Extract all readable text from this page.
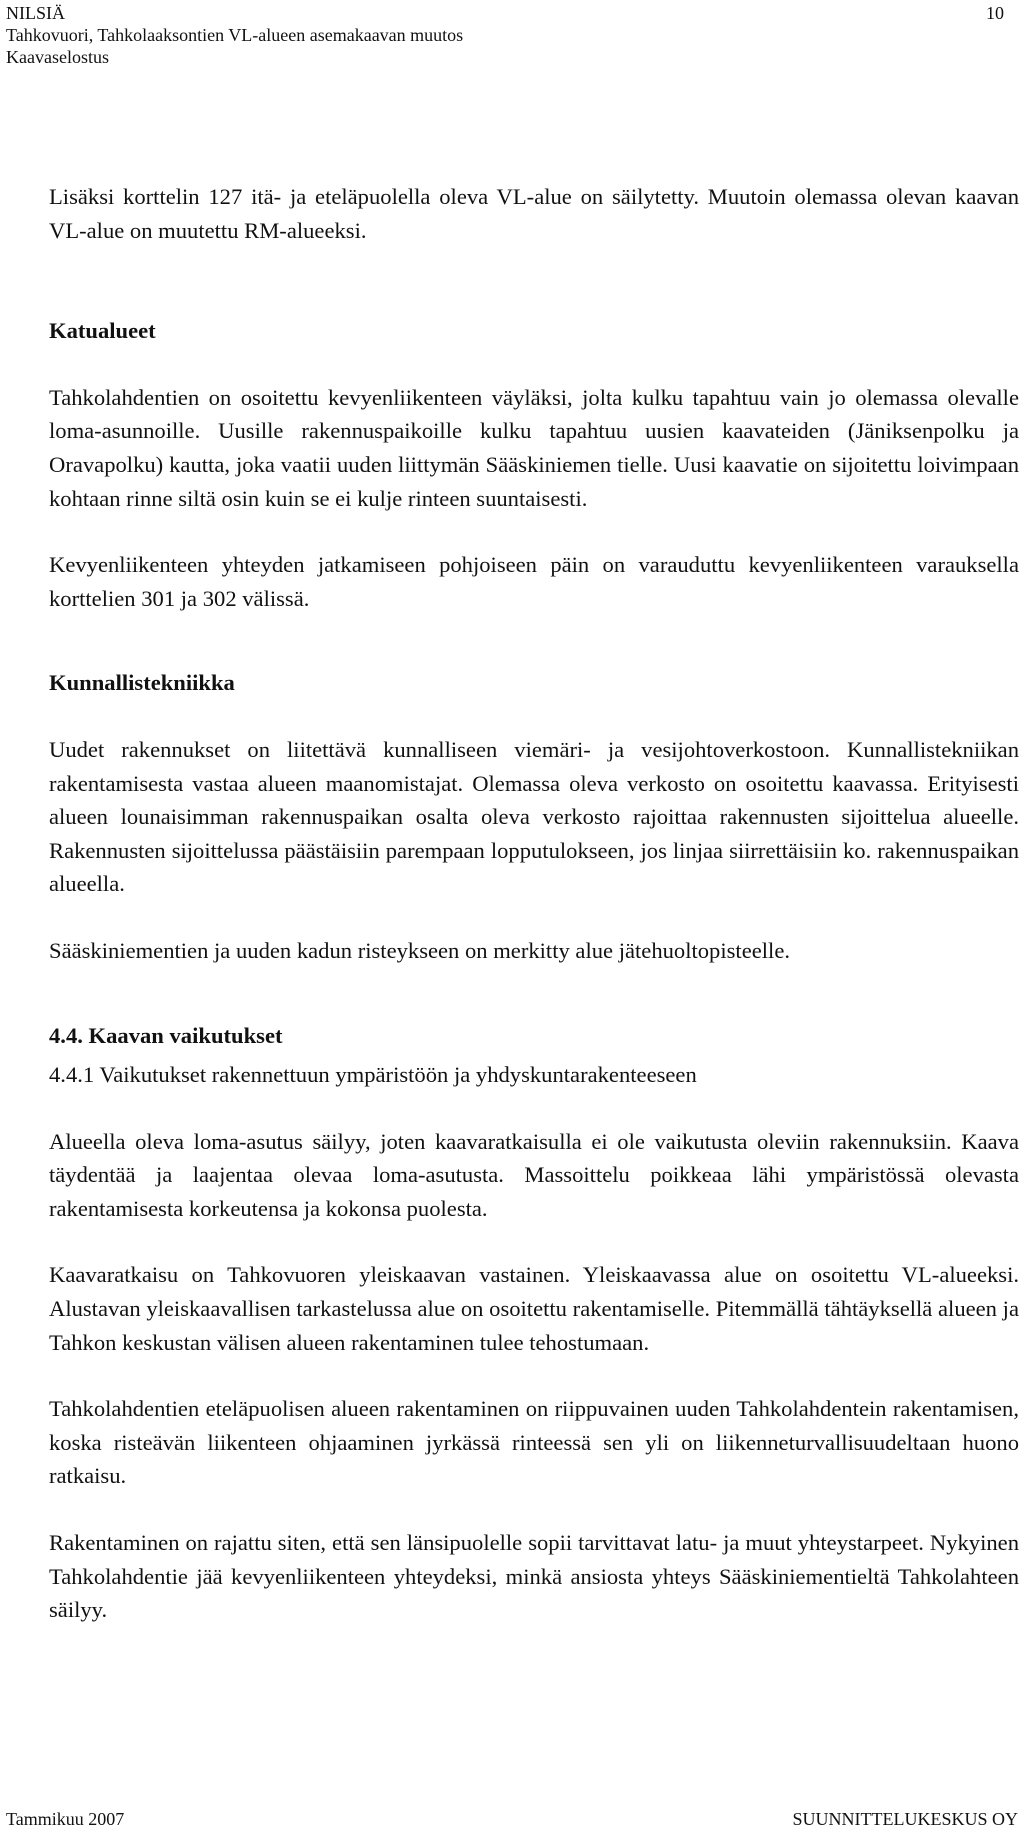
NILSIÄ
Tahkovuori, Tahkolaaksontien VL-alueen asemakaavan muutos
Kaavaselostus
10

Lisäksi korttelin 127 itä- ja eteläpuolella oleva VL-alue on säilytetty. Muutoin olemassa olevan kaavan VL-alue on muutettu RM-alueeksi.

Katualueet

Tahkolahdentien on osoitettu kevyenliikenteen väyläksi, jolta kulku tapahtuu vain jo olemassa olevalle loma-asunnoille. Uusille rakennuspaikoille kulku tapahtuu uusien kaavateiden (Jäniksenpolku ja Oravapolku) kautta, joka vaatii uuden liittymän Sääskiniemen tielle. Uusi kaavatie on sijoitettu loivimpaan kohtaan rinne siltä osin kuin se ei kulje rinteen suuntaisesti.

Kevyenliikenteen yhteyden jatkamiseen pohjoiseen päin on varauduttu kevyenliikenteen varauksella korttelien 301 ja 302 välissä.

Kunnallistekniikka

Uudet rakennukset on liitettävä kunnalliseen viemäri- ja vesijohtoverkostoon. Kunnallistekniikan rakentamisesta vastaa alueen maanomistajat. Olemassa oleva verkosto on osoitettu kaavassa. Erityisesti alueen lounaisimman rakennuspaikan osalta oleva verkosto rajoittaa rakennusten sijoittelua alueelle. Rakennusten sijoittelussa päästäisiin parempaan lopputulokseen, jos linjaa siirrettäisiin ko. rakennuspaikan alueella.

Sääskiniementien ja uuden kadun risteykseen on merkitty alue jätehuoltopisteelle.

4.4. Kaavan vaikutukset
4.4.1 Vaikutukset rakennettuun ympäristöön ja yhdyskuntarakenteeseen

Alueella oleva loma-asutus säilyy, joten kaavaratkaisulla ei ole vaikutusta oleviin rakennuksiin. Kaava täydentää ja laajentaa olevaa loma-asutusta. Massoittelu poikkeaa lähi ympäristössä olevasta rakentamisesta korkeutensa ja kokonsa puolesta.

Kaavaratkaisu on Tahkovuoren yleiskaavan vastainen. Yleiskaavassa alue on osoitettu VL-alueeksi. Alustavan yleiskaavallisen tarkastelussa alue on osoitettu rakentamiselle. Pitemmällä tähtäyksellä alueen ja Tahkon keskustan välisen alueen rakentaminen tulee tehostumaan.

Tahkolahdentien eteläpuolisen alueen rakentaminen on riippuvainen uuden Tahkolahdentein rakentamisen, koska risteävän liikenteen ohjaaminen jyrkässä rinteessä sen yli on liikenneturvallisuudeltaan huono ratkaisu.

Rakentaminen on rajattu siten, että sen länsipuolelle sopii tarvittavat latu- ja muut yhteystarpeet. Nykyinen Tahkolahdentie jää kevyenliikenteen yhteydeksi, minkä ansiosta yhteys Sääskiniementieltä Tahkolahteen säilyy.

Tammikuu 2007	SUUNNITTELUKESKUS OY
